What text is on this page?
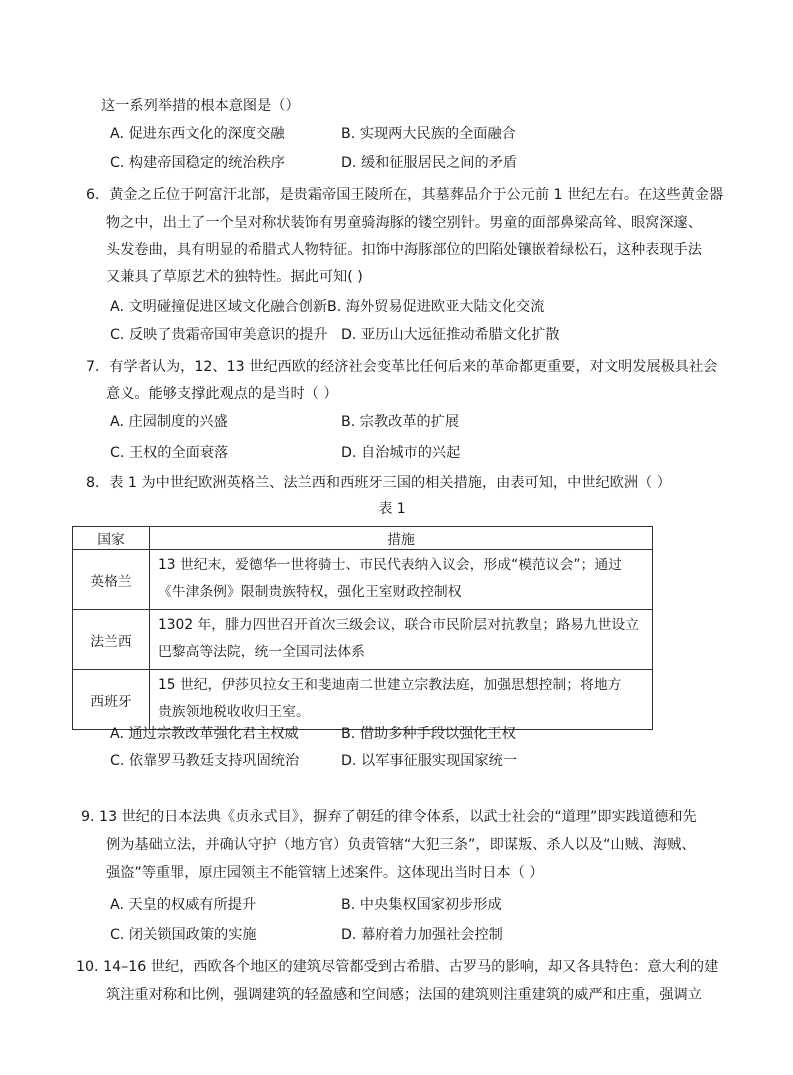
这一系列举措的根本意图是（）
A. 促进东西文化的深度交融	B. 实现两大民族的全面融合
C. 构建帝国稳定的统治秩序	D. 缓和征服居民之间的矛盾
6．黄金之丘位于阿富汗北部，是贵霜帝国王陵所在，其墓葬品介于公元前 1 世纪左右。在这些黄金器
物之中，出土了一个呈对称状装饰有男童骑海豚的镂空别针。男童的面部鼻梁高耸、眼窝深邃、
头发卷曲，具有明显的希腊式人物特征。扣饰中海豚部位的凹陷处镶嵌着绿松石，这种表现手法
又兼具了草原艺术的独特性。据此可知( )
A. 文明碰撞促进区域文化融合创新 B. 海外贸易促进欧亚大陆文化交流
C. 反映了贵霜帝国审美意识的提升 D. 亚历山大远征推动希腊文化扩散
7．有学者认为，12、13 世纪西欧的经济社会变革比任何后来的革命都更重要，对文明发展极具社会
意义。能够支撑此观点的是当时（ ）
A. 庄园制度的兴盛	B. 宗教改革的扩展
C. 王权的全面衰落	D. 自治城市的兴起
8．表 1 为中世纪欧洲英格兰、法兰西和西班牙三国的相关措施，由表可知，中世纪欧洲（ ）
表 1
国家	措施
英格兰	13 世纪末，爱德华一世将骑士、市民代表纳入议会，形成“模范议会”；通过
《牛津条例》限制贵族特权，强化王室财政控制权

法兰西	1302 年，腓力四世召开首次三级会议，联合市民阶层对抗教皇；路易九世设立
巴黎高等法院，统一全国司法体系

西班牙	15 世纪，伊莎贝拉女王和斐迪南二世建立宗教法庭，加强思想控制；将地方
贵族领地税收收归王室。
A. 通过宗教改革强化君主权威	B. 借助多种手段以强化王权
C. 依靠罗马教廷支持巩固统治	D. 以军事征服实现国家统一
9. 13 世纪的日本法典《贞永式目》，摒弃了朝廷的律令体系，以武士社会的“道理”即实践道德和先
例为基础立法，并确认守护（地方官）负责管辖“大犯三条”，即谋叛、杀人以及“山贼、海贼、
强盗”等重罪，原庄园领主不能管辖上述案件。这体现出当时日本（ ）
A. 天皇的权威有所提升	B. 中央集权国家初步形成
C. 闭关锁国政策的实施	D. 幕府着力加强社会控制
10. 14–16 世纪，西欧各个地区的建筑尽管都受到古希腊、古罗马的影响，却又各具特色：意大利的建
筑注重对称和比例，强调建筑的轻盈感和空间感；法国的建筑则注重建筑的威严和庄重，强调立
